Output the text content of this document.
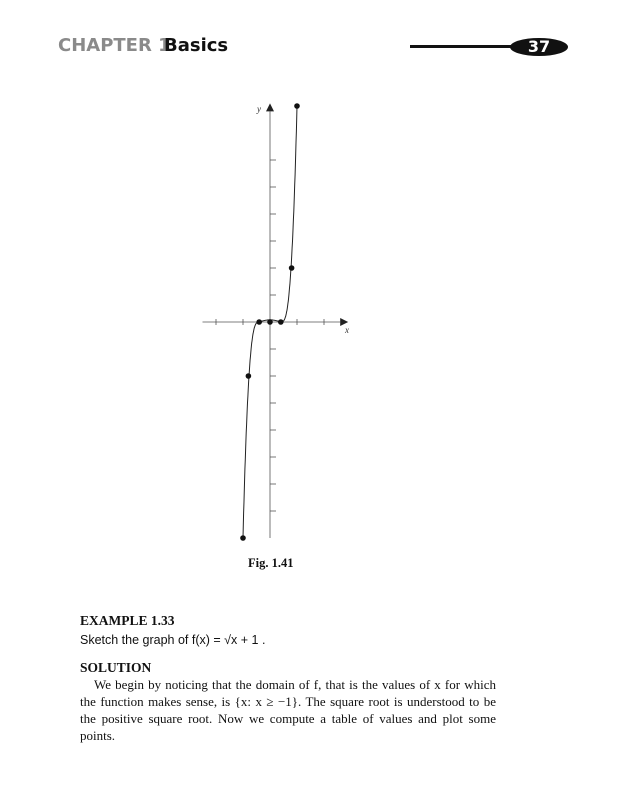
CHAPTER 1
Basics	37
y
x
Fig. 1.41
EXAMPLE 1.33
Sketch the graph of f(x) = √x + 1 .
SOLUTION
We begin by noticing that the domain of f, that is the values of x for which the function makes sense, is {x: x ≥ −1}. The square root is understood to be the positive square root. Now we compute a table of values and plot some points.
